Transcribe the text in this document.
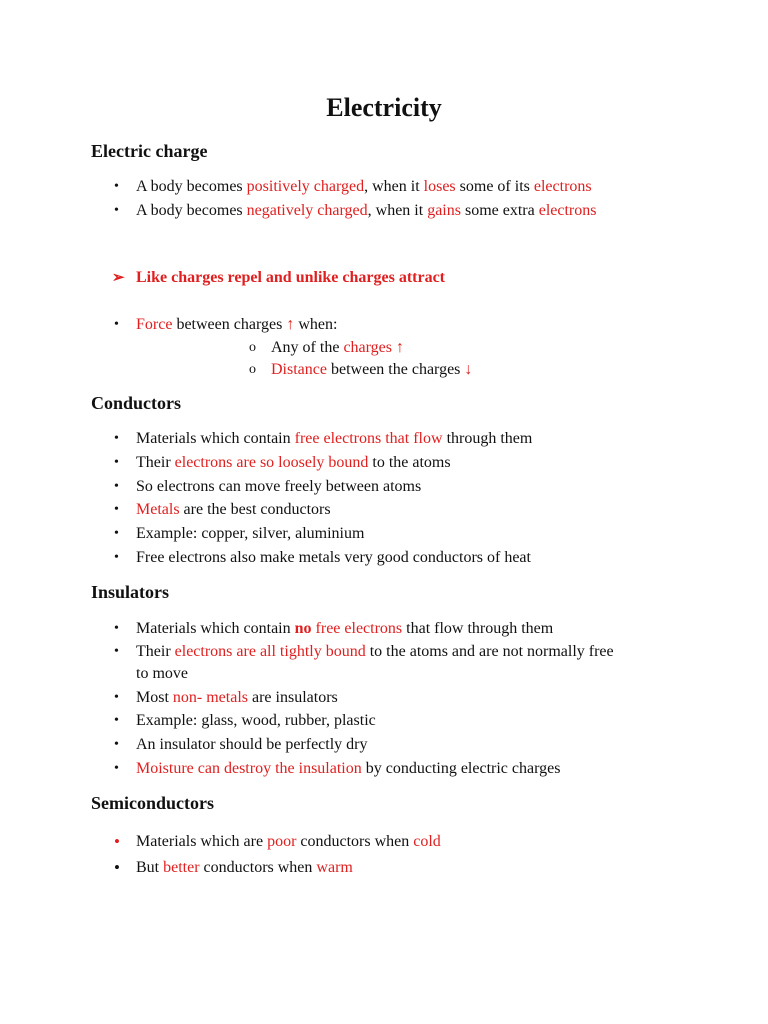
Electricity
Electric charge
• A body becomes positively charged, when it loses some of its electrons
• A body becomes negatively charged, when it gains some extra electrons
➢ Like charges repel and unlike charges attract
• Force between charges ↑ when:
o Any of the charges ↑
o Distance between the charges ↓
Conductors
• Materials which contain free electrons that flow through them
• Their electrons are so loosely bound to the atoms
• So electrons can move freely between atoms
• Metals are the best conductors
• Example: copper, silver, aluminium
• Free electrons also make metals very good conductors of heat
Insulators
• Materials which contain no free electrons that flow through them
• Their electrons are all tightly bound to the atoms and are not normally free
to move
• Most non- metals are insulators
• Example: glass, wood, rubber, plastic
• An insulator should be perfectly dry
• Moisture can destroy the insulation by conducting electric charges
Semiconductors
• Materials which are poor conductors when cold
• But better conductors when warm
